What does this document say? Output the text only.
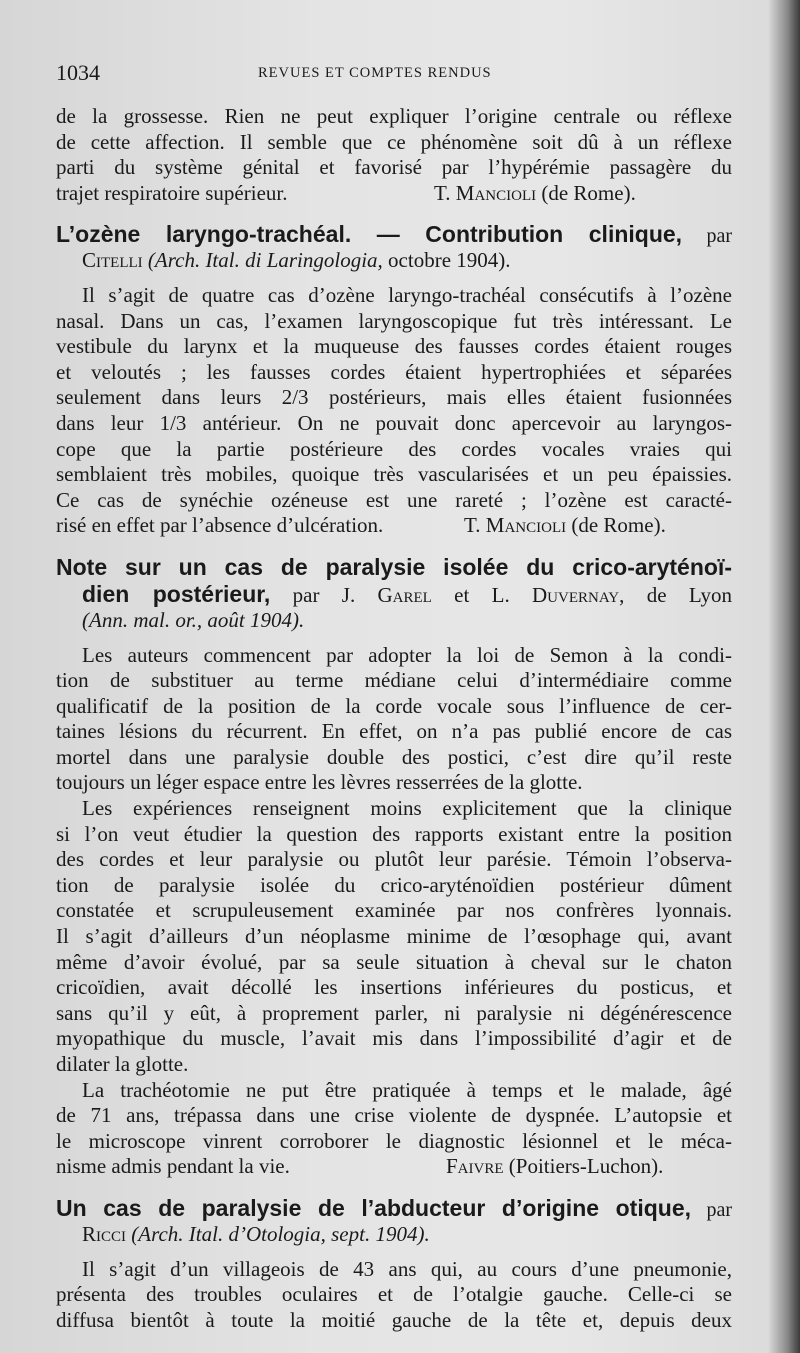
1034	REVUES ET COMPTES RENDUS
de la grossesse. Rien ne peut expliquer l’origine centrale ou réflexe
de cette affection. Il semble que ce phénomène soit dû à un réflexe
parti du système génital et favorisé par l’hypérémie passagère du
trajet respiratoire supérieur.	T. Mancioli (de Rome).
L’ozène laryngo-trachéal. — Contribution clinique, par
Citelli (Arch. Ital. di Laringologia, octobre 1904).
Il s’agit de quatre cas d’ozène laryngo-trachéal consécutifs à l’ozène
nasal. Dans un cas, l’examen laryngoscopique fut très intéressant. Le
vestibule du larynx et la muqueuse des fausses cordes étaient rouges
et veloutés ; les fausses cordes étaient hypertrophiées et séparées
seulement dans leurs 2/3 postérieurs, mais elles étaient fusionnées
dans leur 1/3 antérieur. On ne pouvait donc apercevoir au laryngos-
cope que la partie postérieure des cordes vocales vraies qui
semblaient très mobiles, quoique très vascularisées et un peu épaissies.
Ce cas de synéchie ozéneuse est une rareté ; l’ozène est caracté-
risé en effet par l’absence d’ulcération.	T. Mancioli (de Rome).
Note sur un cas de paralysie isolée du crico-aryténoï-
dien postérieur, par J. Garel et L. Duvernay, de Lyon
(Ann. mal. or., août 1904).
Les auteurs commencent par adopter la loi de Semon à la condi-
tion de substituer au terme médiane celui d’intermédiaire comme
qualificatif de la position de la corde vocale sous l’influence de cer-
taines lésions du récurrent. En effet, on n’a pas publié encore de cas
mortel dans une paralysie double des postici, c’est dire qu’il reste
toujours un léger espace entre les lèvres resserrées de la glotte.
Les expériences renseignent moins explicitement que la clinique
si l’on veut étudier la question des rapports existant entre la position
des cordes et leur paralysie ou plutôt leur parésie. Témoin l’observa-
tion de paralysie isolée du crico-aryténoïdien postérieur dûment
constatée et scrupuleusement examinée par nos confrères lyonnais.
Il s’agit d’ailleurs d’un néoplasme minime de l’œsophage qui, avant
même d’avoir évolué, par sa seule situation à cheval sur le chaton
cricoïdien, avait décollé les insertions inférieures du posticus, et
sans qu’il y eût, à proprement parler, ni paralysie ni dégénérescence
myopathique du muscle, l’avait mis dans l’impossibilité d’agir et de
dilater la glotte.
La trachéotomie ne put être pratiquée à temps et le malade, âgé
de 71 ans, trépassa dans une crise violente de dyspnée. L’autopsie et
le microscope vinrent corroborer le diagnostic lésionnel et le méca-
nisme admis pendant la vie.	Faivre (Poitiers-Luchon).
Un cas de paralysie de l’abducteur d’origine otique, par
Ricci (Arch. Ital. d’Otologia, sept. 1904).
Il s’agit d’un villageois de 43 ans qui, au cours d’une pneumonie,
présenta des troubles oculaires et de l’otalgie gauche. Celle-ci se
diffusa bientôt à toute la moitié gauche de la tête et, depuis deux
